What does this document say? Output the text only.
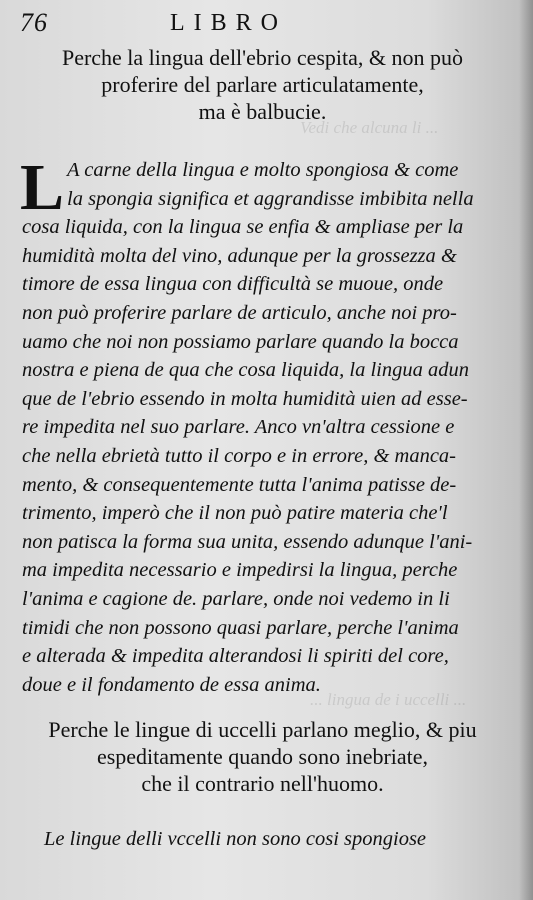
Vedi che alcuna li ...
... lingua de i uccelli ...
76	LIBRO
Perche la lingua dell'ebrio cespita, & non può
proferire del parlare articulatamente,
ma è balbucie.
L A carne della lingua e molto spongiosa & come
la spongia significa et aggrandisse imbibita nella
cosa liquida, con la lingua se enfia & ampliase per la
humidità molta del vino, adunque per la grossezza &
timore de essa lingua con difficultà se muoue, onde
non può proferire parlare de articulo, anche noi pro-
uamo che noi non possiamo parlare quando la bocca
nostra e piena de qua che cosa liquida, la lingua adun
que de l'ebrio essendo in molta humidità uien ad esse-
re impedita nel suo parlare. Anco vn'altra cessione e
che nella ebrietà tutto il corpo e in errore, & manca-
mento, & consequentemente tutta l'anima patisse de-
trimento, imperò che il non può patire materia che'l
non patisca la forma sua unita, essendo adunque l'ani-
ma impedita necessario e impedirsi la lingua, perche
l'anima e cagione de. parlare, onde noi vedemo in li
timidi che non possono quasi parlare, perche l'anima
e alterada & impedita alterandosi li spiriti del core,
doue e il fondamento de essa anima.
Perche le lingue di uccelli parlano meglio, & piu
espeditamente quando sono inebriate,
che il contrario nell'huomo.
Le lingue delli vccelli non sono cosi spongiose
